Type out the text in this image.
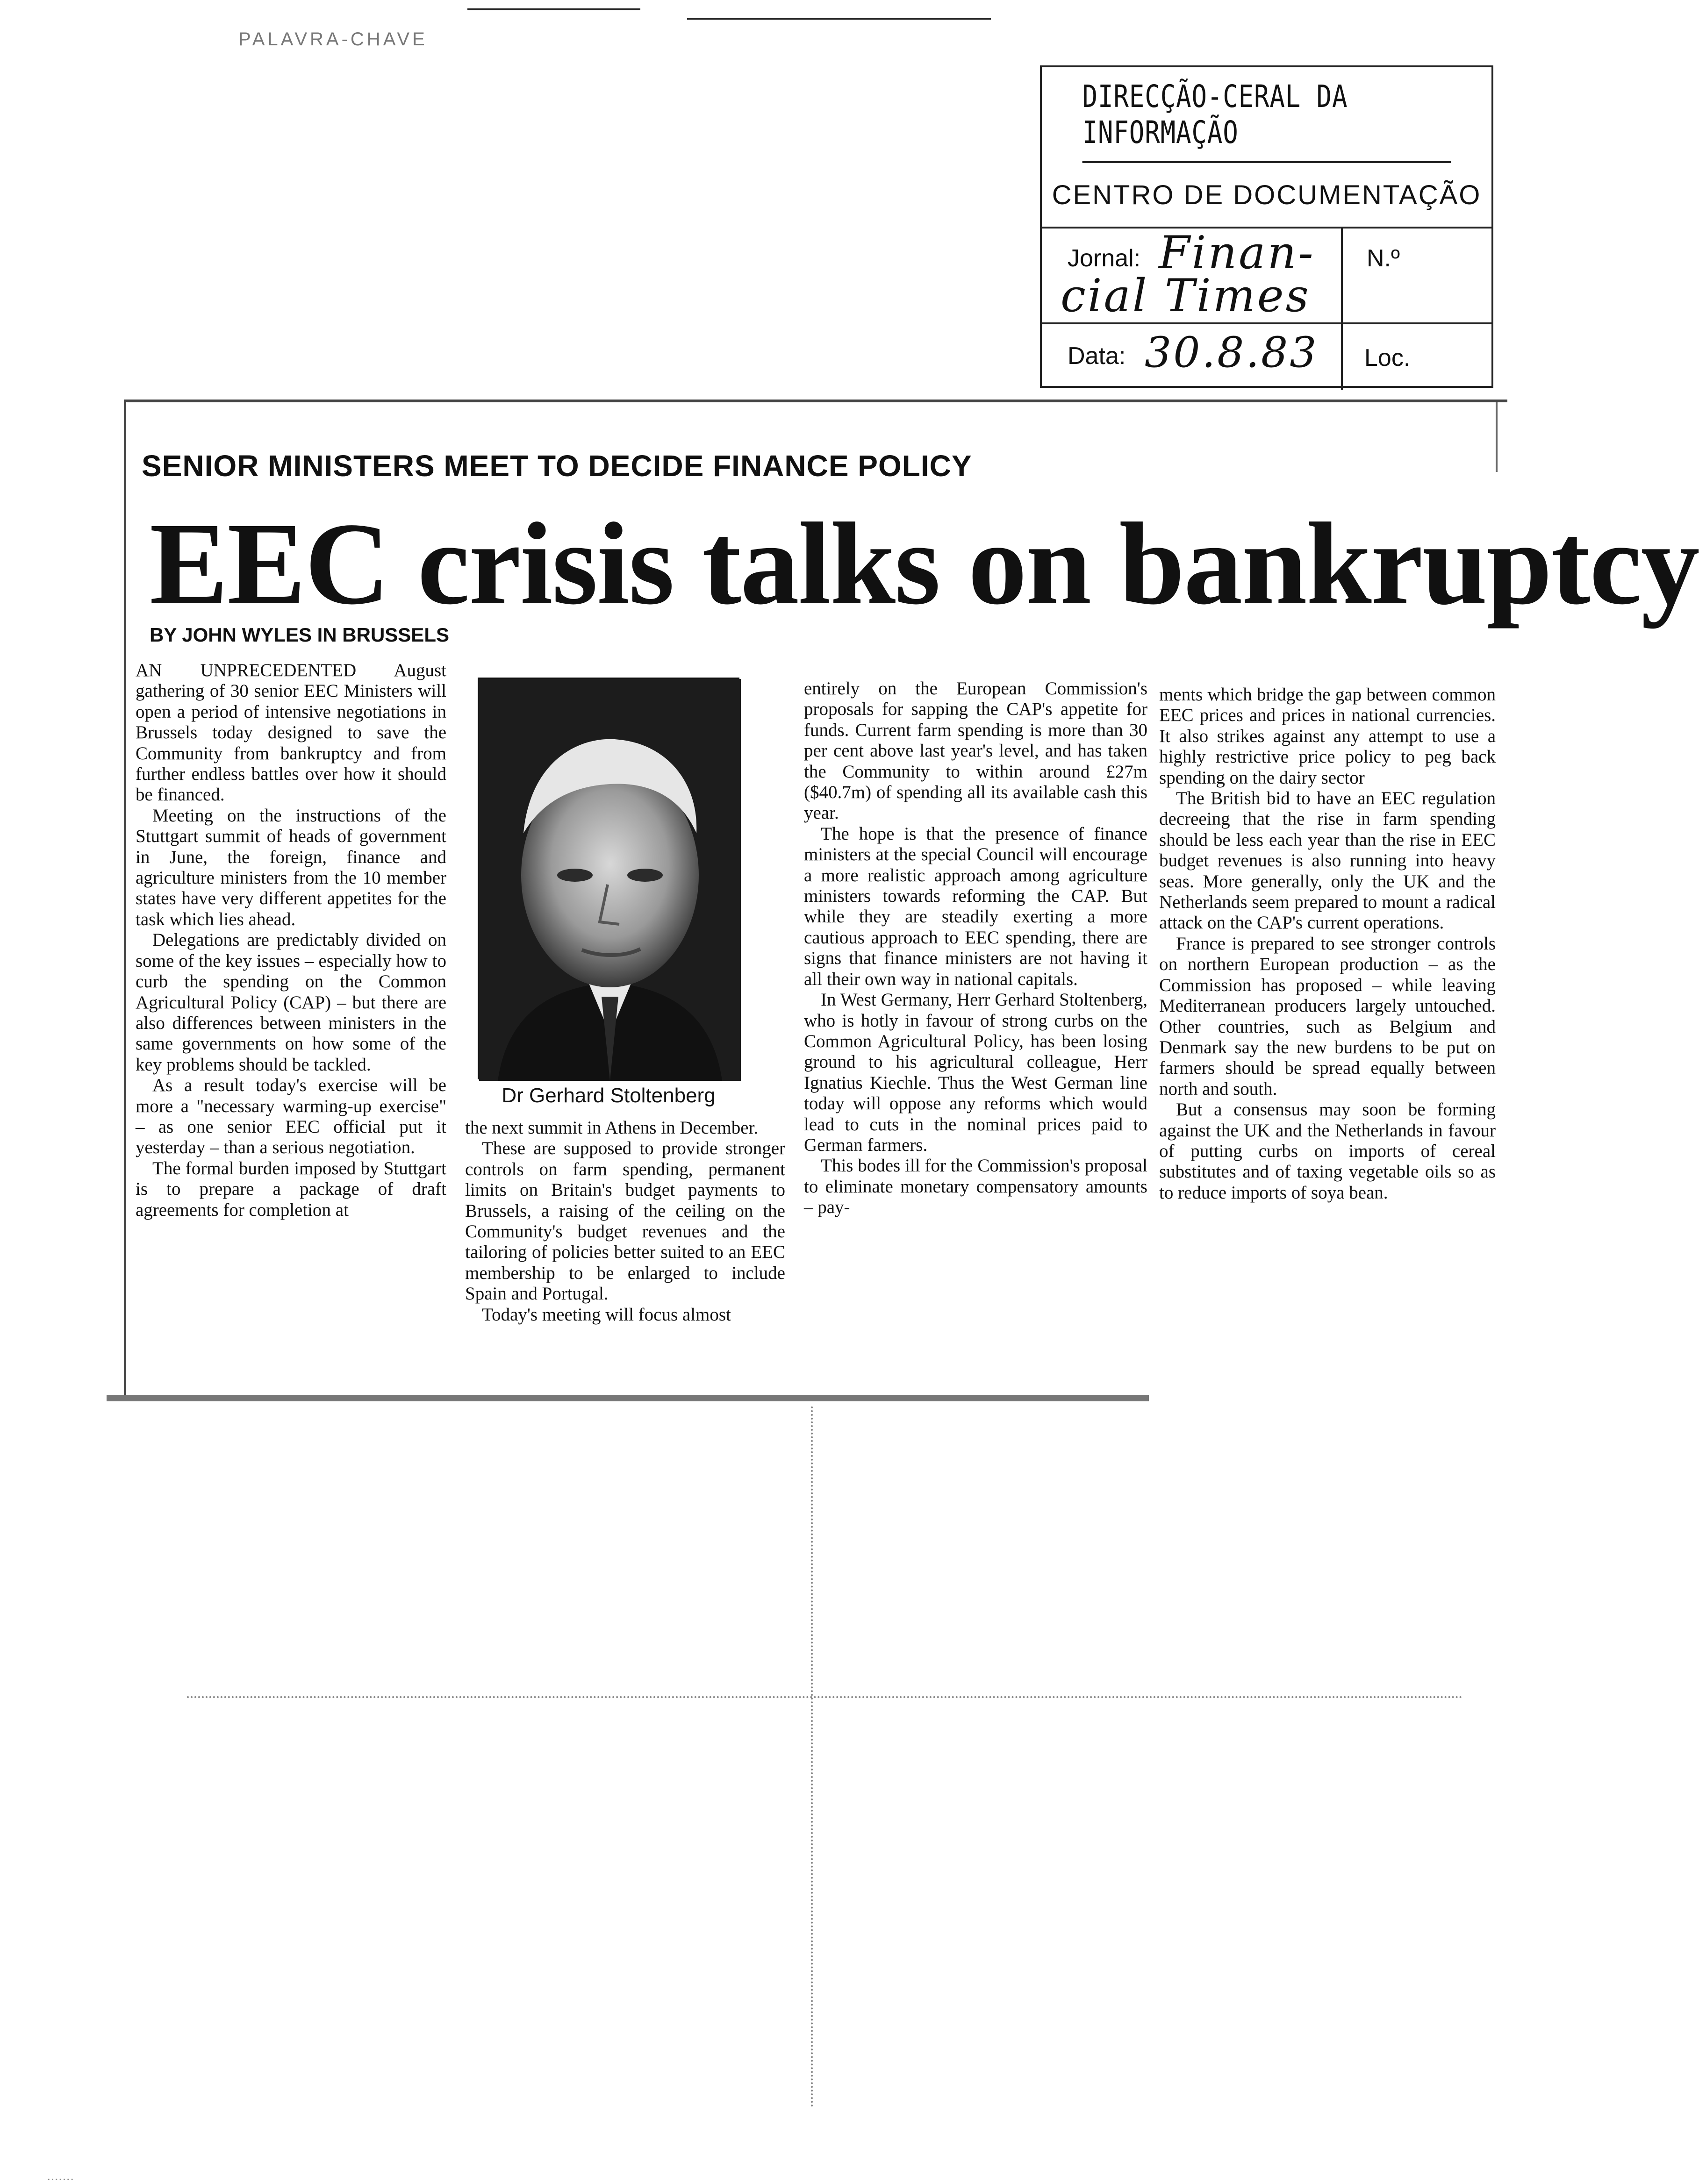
PALAVRA-CHAVE
DIRECÇÃO-CERAL DA INFORMAÇÃO
CENTRO DE DOCUMENTAÇÃO
Jornal: Finan-
cial Times
N.º
Data: 30.8.83 Loc.
SENIOR MINISTERS MEET TO DECIDE FINANCE POLICY
EEC crisis talks on bankruptcy
BY JOHN WYLES IN BRUSSELS

AN UNPRECEDENTED August gathering of 30 senior EEC Ministers will open a period of intensive negotiations in Brussels today designed to save the Community from bankruptcy and from further endless battles over how it should be financed.

Meeting on the instructions of the Stuttgart summit of heads of government in June, the foreign, finance and agriculture ministers from the 10 member states have very different appetites for the task which lies ahead.

Delegations are predictably divided on some of the key issues – especially how to curb the spending on the Common Agricultural Policy (CAP) – but there are also differences between ministers in the same governments on how some of the key problems should be tackled.

As a result today's exercise will be more a "necessary warming-up exercise" – as one senior EEC official put it yesterday – than a serious negotiation.

The formal burden imposed by Stuttgart is to prepare a package of draft agreements for completion at

Dr Gerhard Stoltenberg

the next summit in Athens in December.

These are supposed to provide stronger controls on farm spending, permanent limits on Britain's budget payments to Brussels, a raising of the ceiling on the Community's budget revenues and the tailoring of policies better suited to an EEC membership to be enlarged to include Spain and Portugal.

Today's meeting will focus almost

entirely on the European Commission's proposals for sapping the CAP's appetite for funds. Current farm spending is more than 30 per cent above last year's level, and has taken the Community to within around £27m ($40.7m) of spending all its available cash this year.

The hope is that the presence of finance ministers at the special Council will encourage a more realistic approach among agriculture ministers towards reforming the CAP. But while they are steadily exerting a more cautious approach to EEC spending, there are signs that finance ministers are not having it all their own way in national capitals.

In West Germany, Herr Gerhard Stoltenberg, who is hotly in favour of strong curbs on the Common Agricultural Policy, has been losing ground to his agricultural colleague, Herr Ignatius Kiechle. Thus the West German line today will oppose any reforms which would lead to cuts in the nominal prices paid to German farmers.

This bodes ill for the Commission's proposal to eliminate monetary compensatory amounts – pay-

ments which bridge the gap between common EEC prices and prices in national currencies. It also strikes against any attempt to use a highly restrictive price policy to peg back spending on the dairy sector

The British bid to have an EEC regulation decreeing that the rise in farm spending should be less each year than the rise in EEC budget revenues is also running into heavy seas. More generally, only the UK and the Netherlands seem prepared to mount a radical attack on the CAP's current operations.

France is prepared to see stronger controls on northern European production – as the Commission has proposed – while leaving Mediterranean producers largely untouched. Other countries, such as Belgium and Denmark say the new burdens to be put on farmers should be spread equally between north and south.

But a consensus may soon be forming against the UK and the Netherlands in favour of putting curbs on imports of cereal substitutes and of taxing vegetable oils so as to reduce imports of soya bean.

.......
